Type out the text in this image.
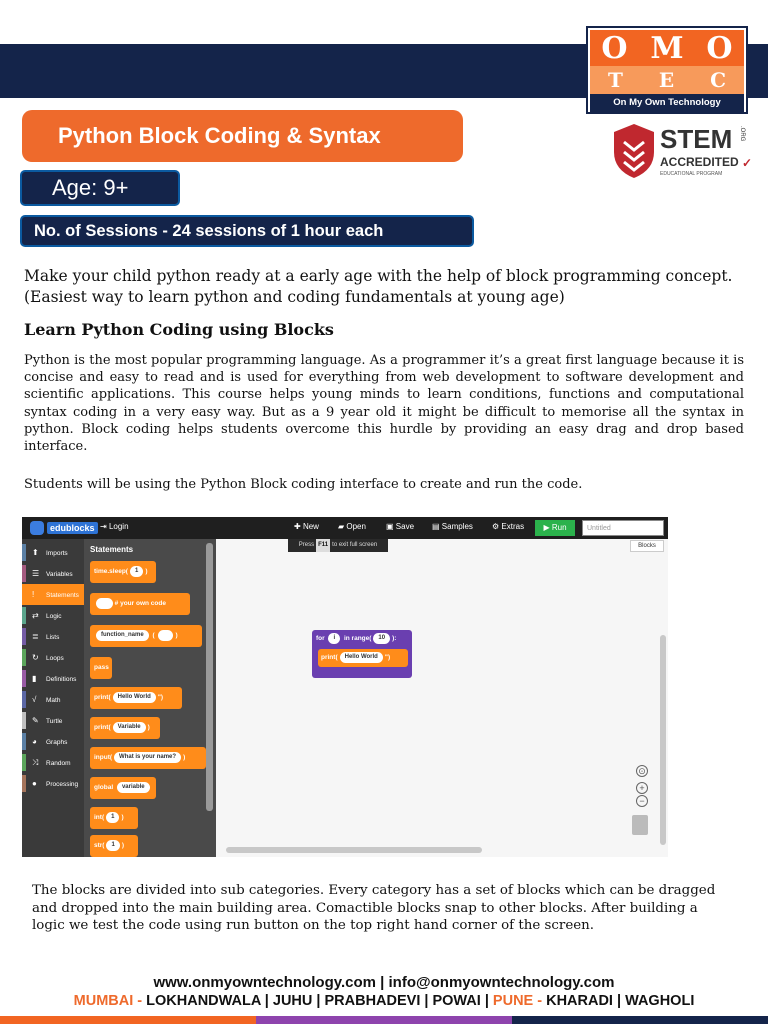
O M O
T E C
On My Own Technology
STEM .ORG
ACCREDITED ✓
EDUCATIONAL PROGRAM
Python Block Coding & Syntax
Age: 9+
No. of Sessions - 24 sessions of 1 hour each

Make your child python ready at a early age with the help of block programming concept. (Easiest way to learn python and coding fundamentals at young age)

Learn Python Coding using Blocks

Python is the most popular programming language. As a programmer it’s a great first language because it is concise and easy to read and is used for everything from web development to software development and scientific applications. This course helps young minds to learn conditions, functions and computational syntax coding in a very easy way. But as a 9 year old it might be difficult to memorise all the syntax in python. Block coding helps students overcome this hurdle by providing an easy drag and drop based interface.

Students will be using the Python Block coding interface to create and run the code.

edublocks ⇥ Login	✚ New ▰ Open	▣ Save ▤ Samples ⚙ Extras	▶ Run	Untitled
⬆ Imports
☰ Variables
! Statements
⇄ Logic
≣ Lists
↻ Loops
▮ Definitions
√ Math
✎ Turtle
◕ Graphs
⤨ Random
● Processing
Statements
time.sleep( 1 )
# your own code
function_name (	)
pass
print( Hello World ")
print( Variable )
input( What is your name? )
global variable
int( 1 )
str( 1 )
Press F11 to exit full screen	Blocks
for i in range( 10 ):
print( Hello World ")
⊙
+
−

The blocks are divided into sub categories. Every category has a set of blocks which can be dragged and dropped into the main building area. Comactible blocks snap to other blocks. After building a logic we test the code using run button on the top right hand corner of the screen.

www.onmyowntechnology.com | info@onmyowntechnology.com
MUMBAI - LOKHANDWALA | JUHU | PRABHADEVI | POWAI | PUNE - KHARADI | WAGHOLI
